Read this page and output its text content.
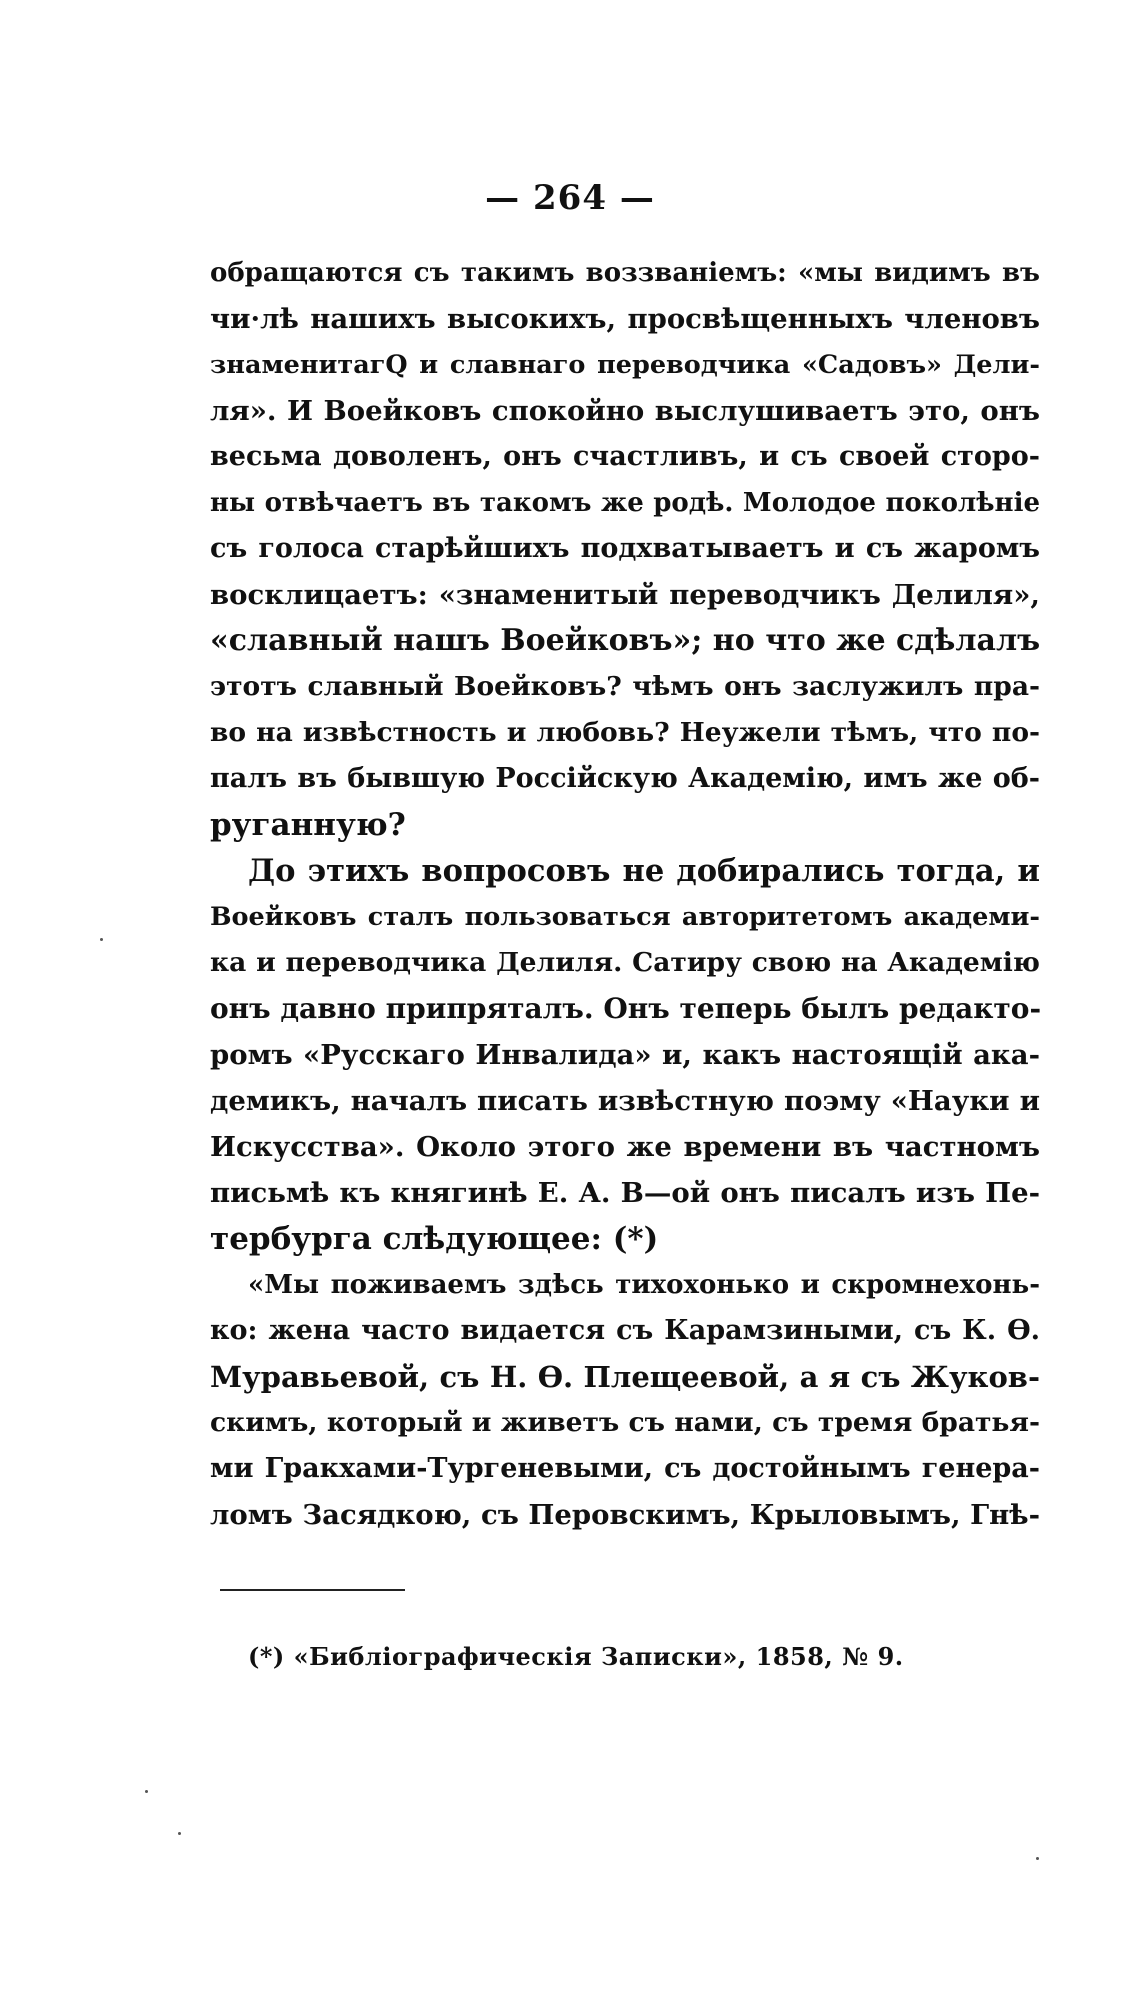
— 264 —
обращаются съ такимъ воззваніемъ: «мы видимъ въ
чи·лѣ нашихъ высокихъ, просвѣщенныхъ членовъ
знаменитагQ и славнаго переводчика «Садовъ» Дели-
ля». И Воейковъ спокойно выслушиваетъ это, онъ
весьма доволенъ, онъ счастливъ, и съ своей сторо-
ны отвѣчаетъ въ такомъ же родѣ. Молодое поколѣніе
съ голоса старѣйшихъ подхватываетъ и съ жаромъ
восклицаетъ: «знаменитый переводчикъ Делиля»,
«славный нашъ Воейковъ»; но что же сдѣлалъ
этотъ славный Воейковъ? чѣмъ онъ заслужилъ пра-
во на извѣстность и любовь? Неужели тѣмъ, что по-
палъ въ бывшую Россійскую Академію, имъ же об-
руганную?
До этихъ вопросовъ не добирались тогда, и
Воейковъ сталъ пользоваться авторитетомъ академи-
ка и переводчика Делиля. Сатиру свою на Академію
онъ давно припряталъ. Онъ теперь былъ редакто-
ромъ «Русскаго Инвалида» и, какъ настоящій ака-
демикъ, началъ писать извѣстную поэму «Науки и
Искусства». Около этого же времени въ частномъ
письмѣ къ княгинѣ Е. А. В—ой онъ писалъ изъ Пе-
тербурга слѣдующее: (*)
«Мы поживаемъ здѣсь тихохонько и скромнехонь-
ко: жена часто видается съ Карамзиными, съ К. Ѳ.
Муравьевой, съ Н. Ѳ. Плещеевой, а я съ Жуков-
скимъ, который и живетъ съ нами, съ тремя братья-
ми Гракхами-Тургеневыми, съ достойнымъ генера-
ломъ Засядкою, съ Перовскимъ, Крыловымъ, Гнѣ-
(*) «Библіографическія Записки», 1858, № 9.
